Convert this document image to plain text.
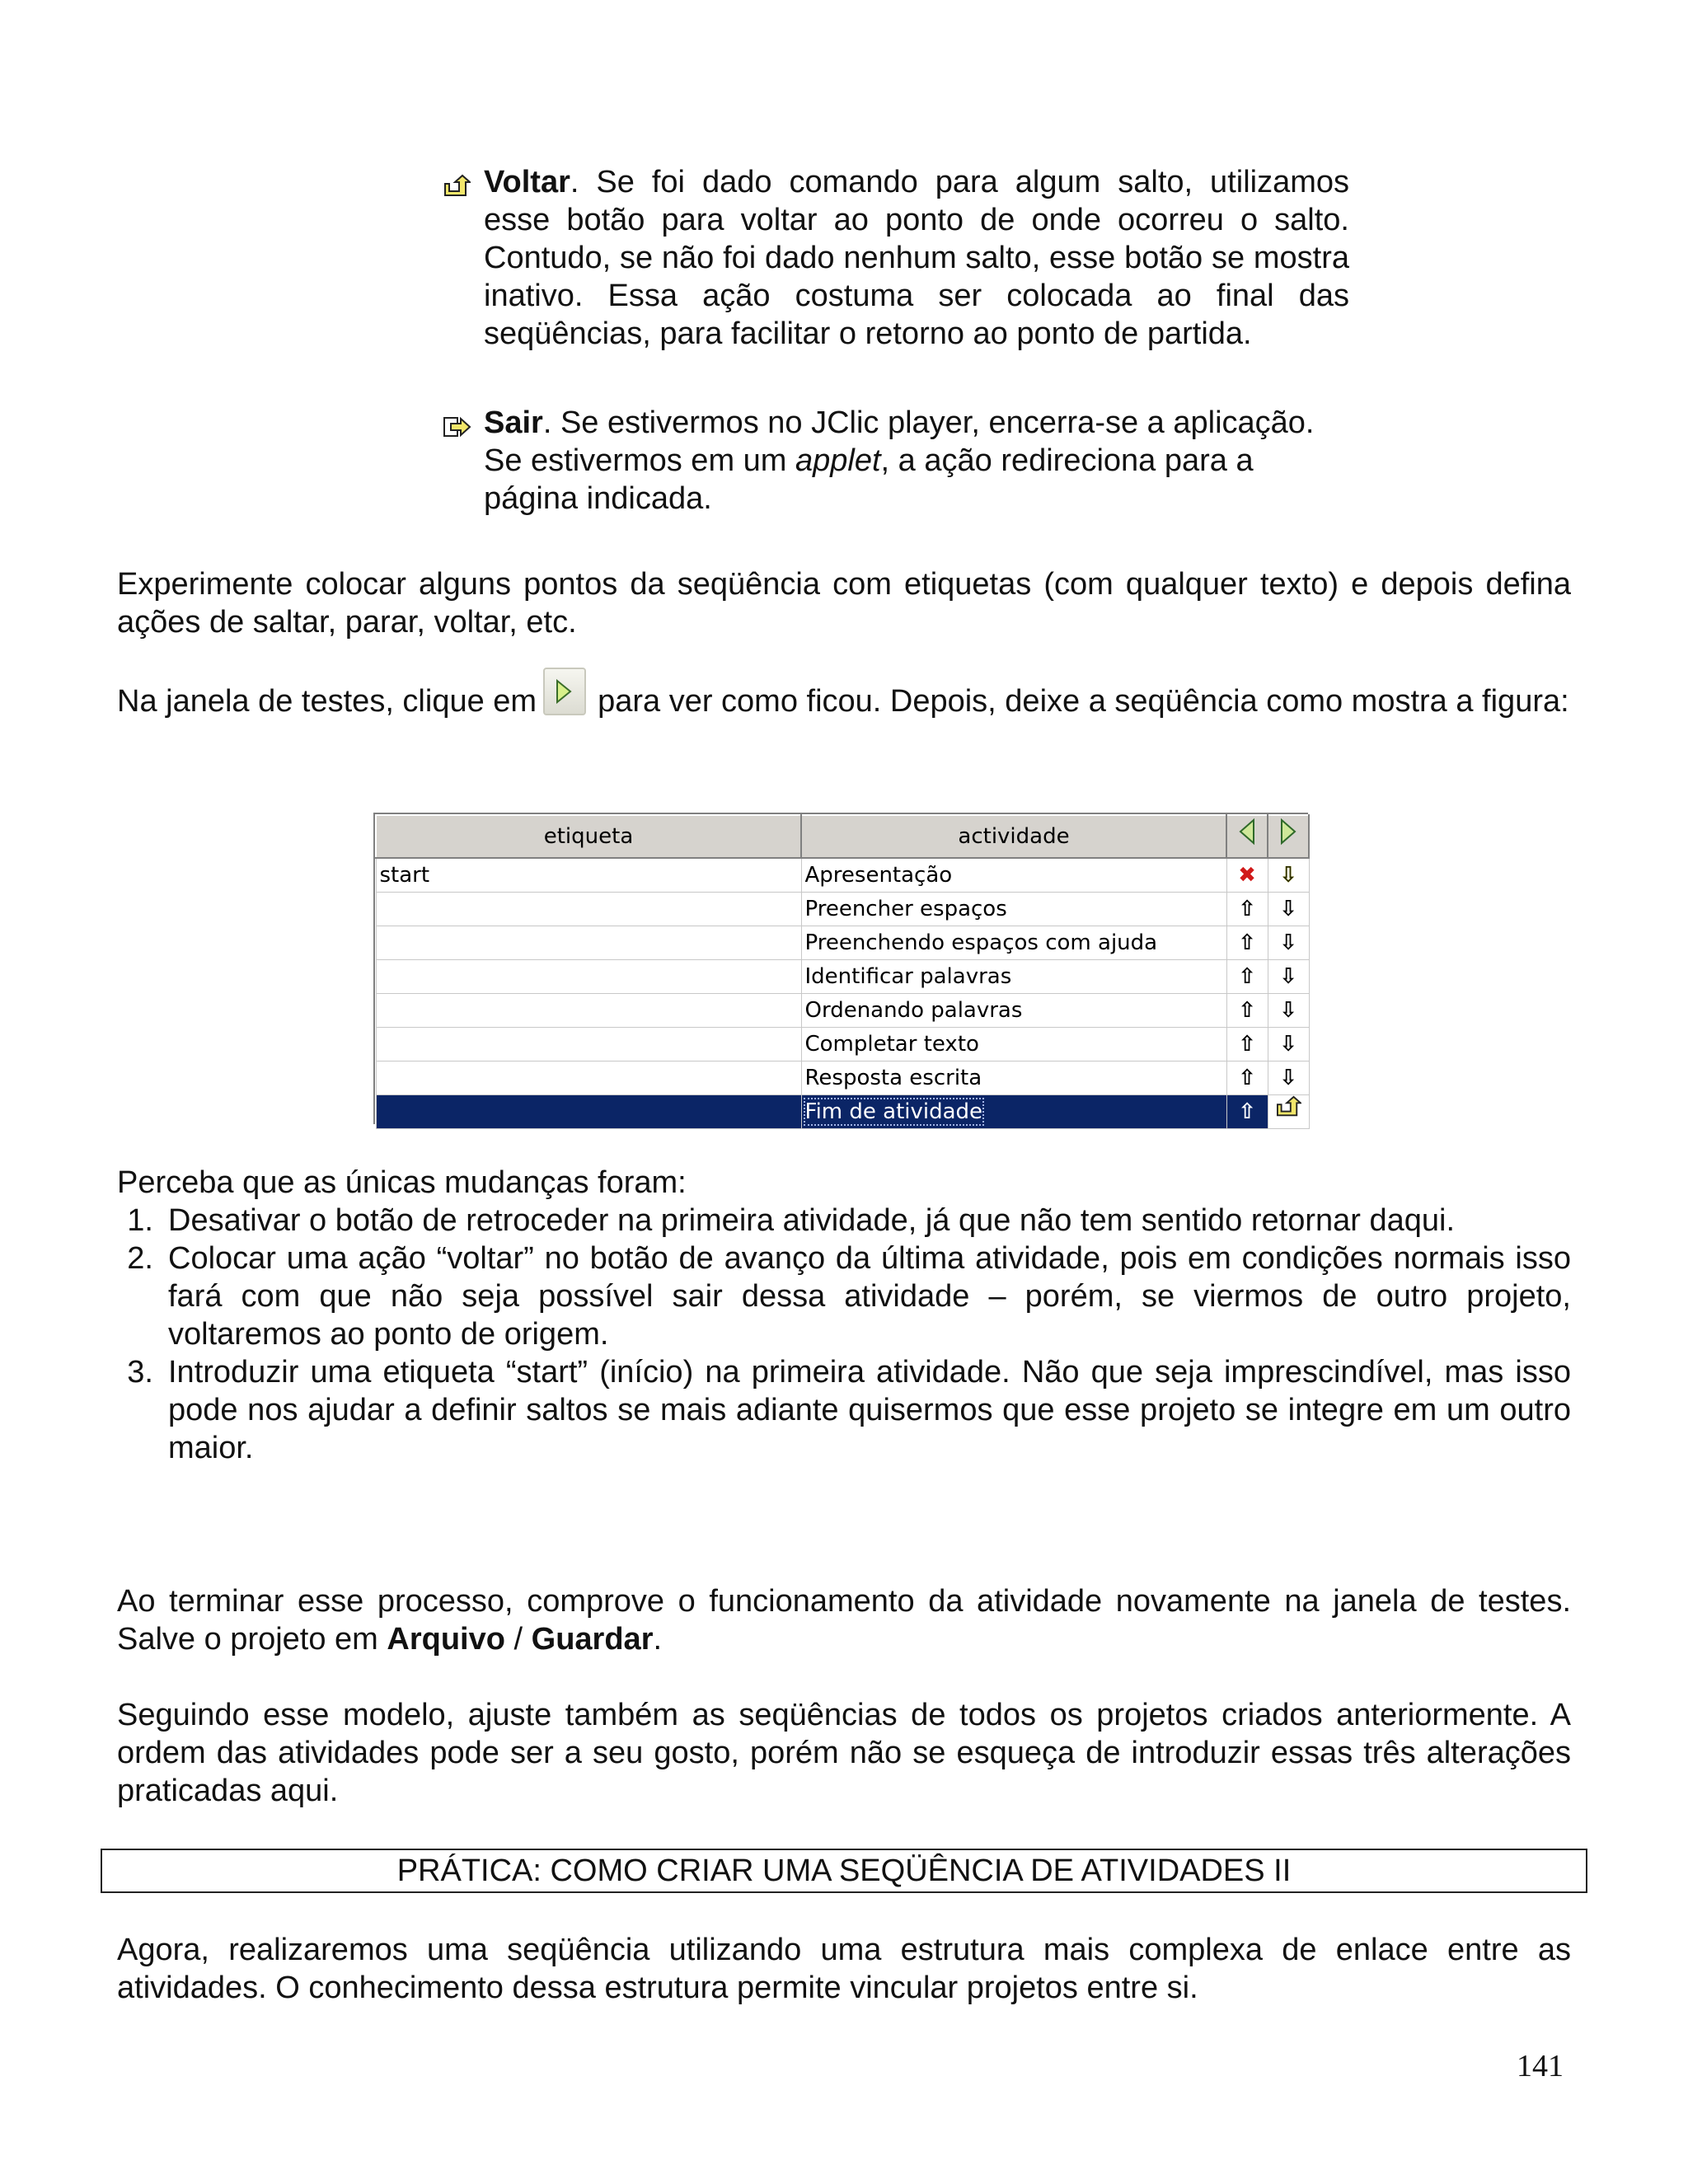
Voltar. Se foi dado comando para algum salto, utilizamos esse botão para voltar ao ponto de onde ocorreu o salto. Contudo, se não foi dado nenhum salto, esse botão se mostra inativo. Essa ação costuma ser colocada ao final das seqüências, para facilitar o retorno ao ponto de partida.
Sair. Se estivermos no JClic player, encerra-se a aplicação. Se estivermos em um applet, a ação redireciona para a página indicada.
Experimente colocar alguns pontos da seqüência com etiquetas (com qualquer texto) e depois defina ações de saltar, parar, voltar, etc.
Na janela de testes, clique em para ver como ficou. Depois, deixe a seqüência como mostra a figura:
etiqueta	actividade		
start	Apresentação	✖	⇩
	Preencher espaços	⇧	⇩
	Preenchendo espaços com ajuda	⇧	⇩
	Identificar palavras	⇧	⇩
	Ordenando palavras	⇧	⇩
	Completar texto	⇧	⇩
	Resposta escrita	⇧	⇩
	Fim de atividade	⇧	
Perceba que as únicas mudanças foram:
1. Desativar o botão de retroceder na primeira atividade, já que não tem sentido retornar daqui.
2. Colocar uma ação “voltar” no botão de avanço da última atividade, pois em condições normais isso fará com que não seja possível sair dessa atividade – porém, se viermos de outro projeto, voltaremos ao ponto de origem.
3. Introduzir uma etiqueta “start” (início) na primeira atividade. Não que seja imprescindível, mas isso pode nos ajudar a definir saltos se mais adiante quisermos que esse projeto se integre em um outro maior.
Ao terminar esse processo, comprove o funcionamento da atividade novamente na janela de testes. Salve o projeto em Arquivo / Guardar.
Seguindo esse modelo, ajuste também as seqüências de todos os projetos criados anteriormente. A ordem das atividades pode ser a seu gosto, porém não se esqueça de introduzir essas três alterações praticadas aqui.
PRÁTICA: COMO CRIAR UMA SEQÜÊNCIA DE ATIVIDADES II
Agora, realizaremos uma seqüência utilizando uma estrutura mais complexa de enlace entre as atividades. O conhecimento dessa estrutura permite vincular projetos entre si.
141
